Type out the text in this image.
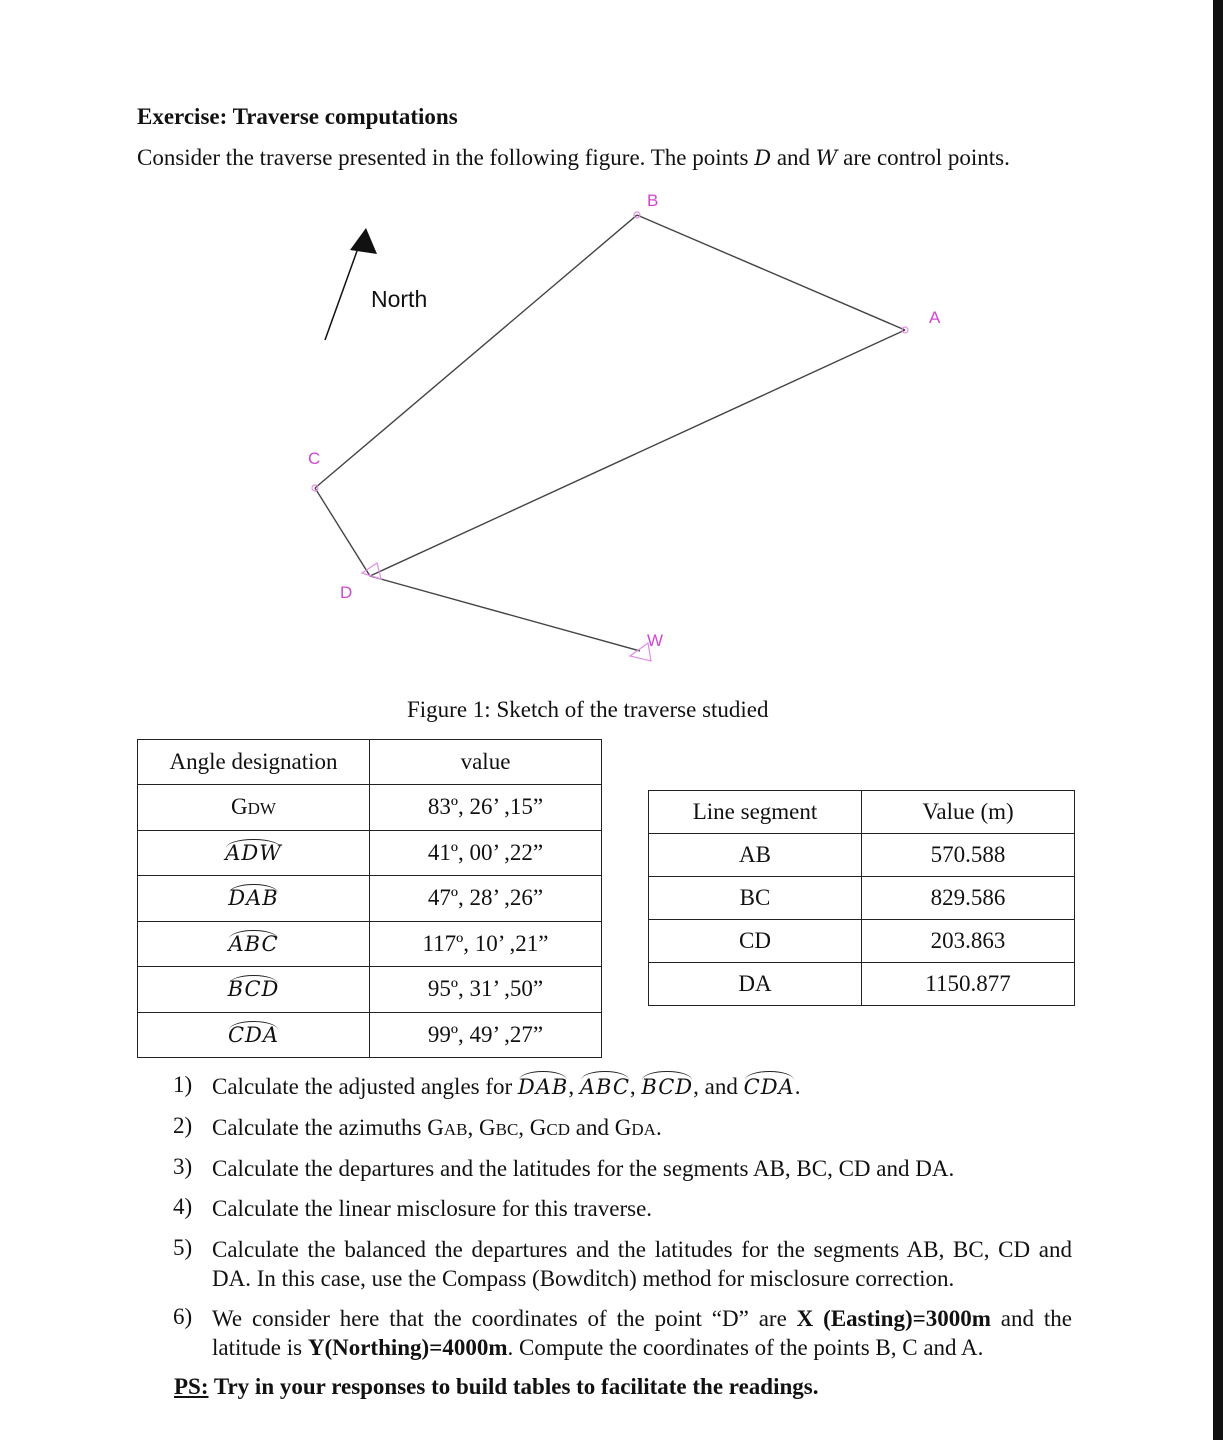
Exercise: Traverse computations
Consider the traverse presented in the following figure. The points D and W are control points.
North
B
A
C
D
W
Figure 1: Sketch of the traverse studied
Angle designation	value
GDW	83º, 26’ ,15”
ADW	41º, 00’ ,22”
DAB	47º, 28’ ,26”
ABC	117º, 10’ ,21”
BCD	95º, 31’ ,50”
CDA	99º, 49’ ,27”
Line segment	Value (m)
AB	570.588
BC	829.586
CD	203.863
DA	1150.877
1) Calculate the adjusted angles for DAB, ABC, BCD, and CDA.
2) Calculate the azimuths GAB, GBC, GCD and GDA.
3) Calculate the departures and the latitudes for the segments AB, BC, CD and DA.
4) Calculate the linear misclosure for this traverse.
5) Calculate the balanced the departures and the latitudes for the segments AB, BC, CD and DA. In this case, use the Compass (Bowditch) method for misclosure correction.
6) We consider here that the coordinates of the point “D” are X (Easting)=3000m and the latitude is Y(Northing)=4000m. Compute the coordinates of the points B, C and A.
PS: Try in your responses to build tables to facilitate the readings.
